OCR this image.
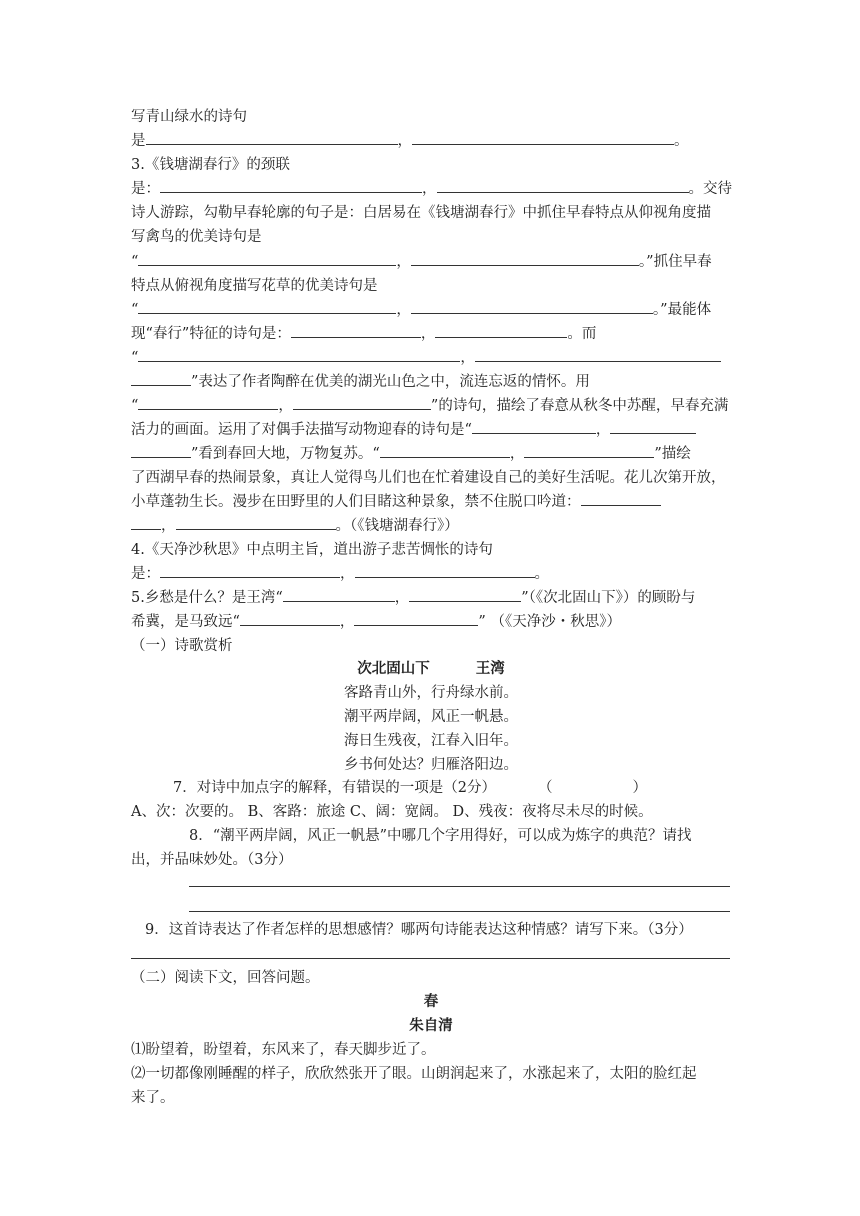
写青山绿水的诗句

是	，	。

3.《钱塘湖春行》的颈联

是：	，	。交待

诗人游踪，勾勒早春轮廓的句子是：白居易在《钱塘湖春行》中抓住早春特点从仰视角度描

写禽鸟的优美诗句是

“	，	。”抓住早春

特点从俯视角度描写花草的优美诗句是

“	，	。”最能体

现“春行”特征的诗句是：	，	。而

“	，

”表达了作者陶醉在优美的湖光山色之中，流连忘返的情怀。用

“	，	”的诗句，描绘了春意从秋冬中苏醒，早春充满

活力的画面。运用了对偶手法描写动物迎春的诗句是“	，

”看到春回大地，万物复苏。“	，	”描绘

了西湖早春的热闹景象，真让人觉得鸟儿们也在忙着建设自己的美好生活呢。花儿次第开放，

小草蓬勃生长。漫步在田野里的人们目睹这种景象，禁不住脱口吟道：

，	。（《钱塘湖春行》）

4.《天净沙秋思》中点明主旨，道出游子悲苦惆怅的诗句

是：	，	。

5.乡愁是什么？是王湾“	，	”（《次北固山下》）的顾盼与

希冀，是马致远“	，	” （《天净沙・秋思》）

（一）诗歌赏析

次北固山下	王湾

客路青山外，行舟绿水前。

潮平两岸阔，风正一帆悬。

海日生残夜，江春入旧年。

乡书何处达？归雁洛阳边。

7．对诗中加点字的解释，有错误的一项是（2分）	（	）

A、次：次要的。 B、客路：旅途 C、阔：宽阔。 D、残夜：夜将尽未尽的时候。

8．“潮平两岸阔，风正一帆悬”中哪几个字用得好，可以成为炼字的典范？请找

出，并品味妙处。（3分）

9．这首诗表达了作者怎样的思想感情？哪两句诗能表达这种情感？请写下来。（3分）

（二）阅读下文，回答问题。

春

朱自清

⑴盼望着，盼望着，东风来了，春天脚步近了。

⑵一切都像刚睡醒的样子，欣欣然张开了眼。山朗润起来了，水涨起来了，太阳的脸红起

来了。
